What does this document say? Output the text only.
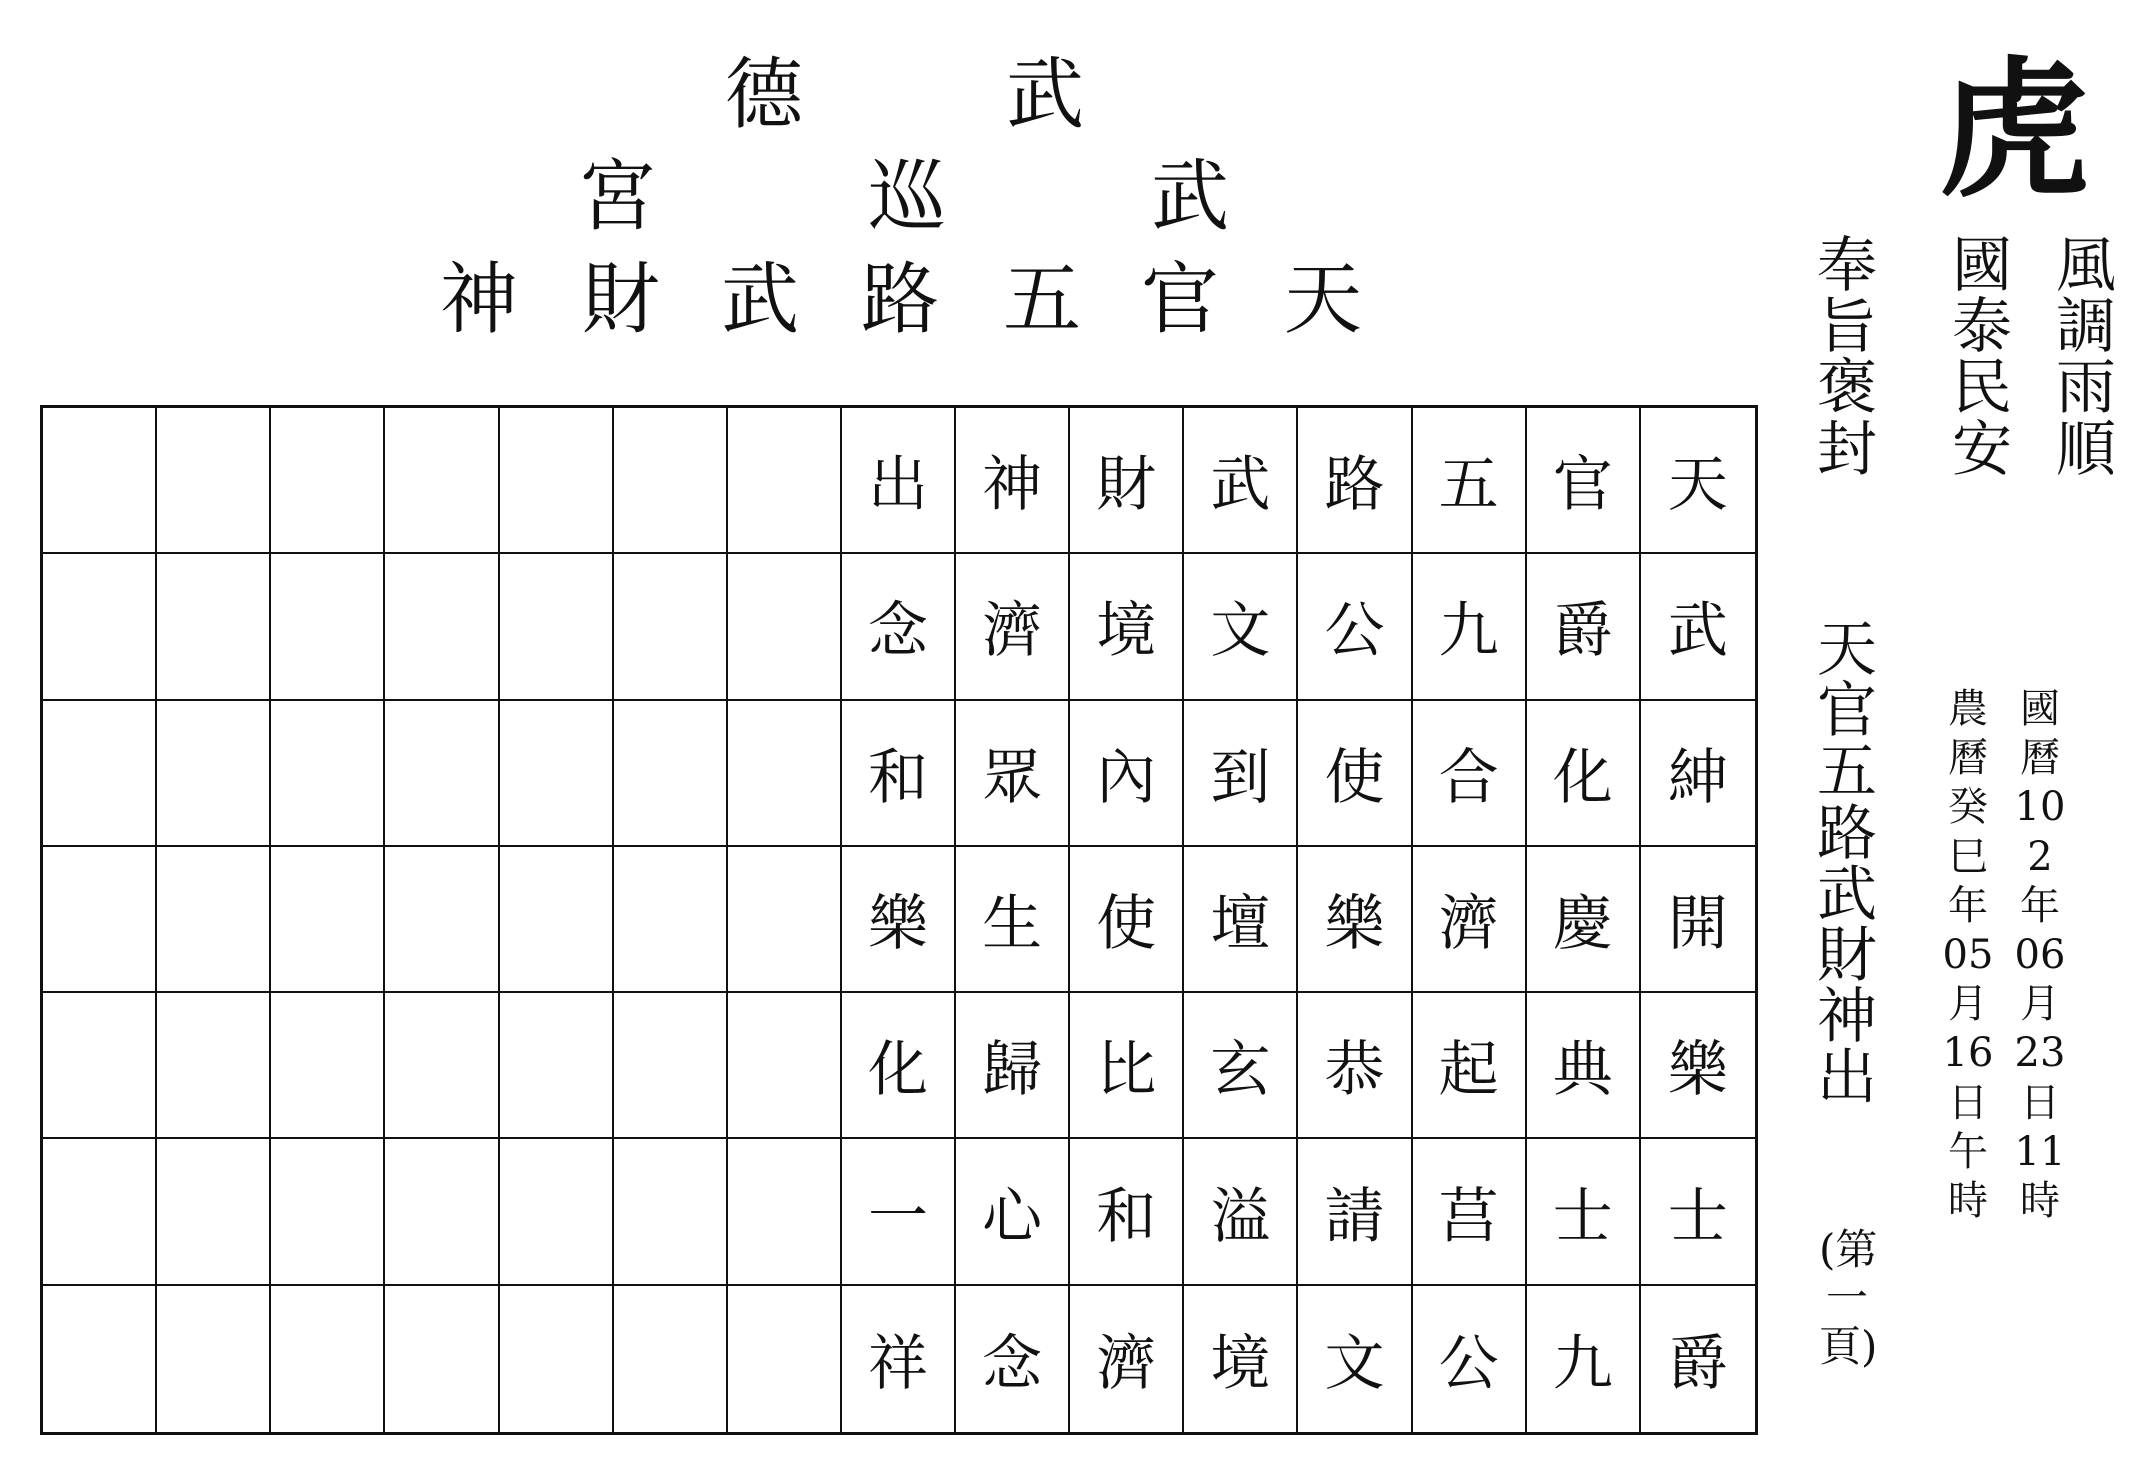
德	武
宮	巡	武
神 財 武 路 五 官 天
出 神 財 武 路 五 官 天
念 濟 境 文 公 九 爵 武
和 眾 內 到 使 合 化 紳
樂 生 使 壇 樂 濟 慶 開
化 歸 比 玄 恭 起 典 樂
一 心 和 溢 請 莒 士 士
祥 念 濟 境 文 公 九 爵
虎
風調雨順
國泰民安
奉旨褒封
天官五路武財神出
(第一頁)
國
曆
102
年
06
月
23
日
11
時
農
曆
癸
巳
年
05
月
16
日
午
時
